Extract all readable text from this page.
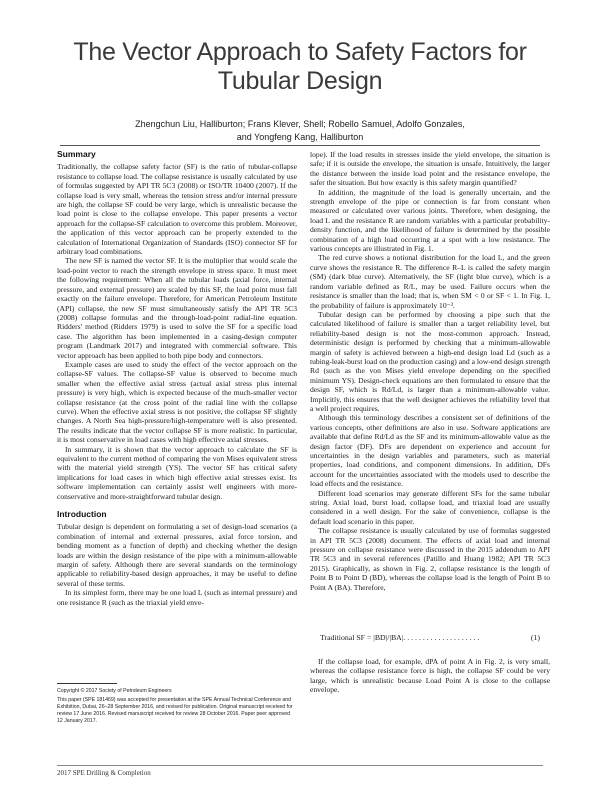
The Vector Approach to Safety Factors for Tubular Design
Zhengchun Liu, Halliburton; Frans Klever, Shell; Robello Samuel, Adolfo Gonzales,
and Yongfeng Kang, Halliburton
Summary

Traditionally, the collapse safety factor (SF) is the ratio of tubular-collapse resistance to collapse load. The collapse resistance is usually calculated by use of formulas suggested by API TR 5C3 (2008) or ISO/TR 10400 (2007). If the collapse load is very small, whereas the tension stress and/or internal pressure are high, the collapse SF could be very large, which is unrealistic because the load point is close to the collapse envelope. This paper presents a vector approach for the collapse-SF calculation to overcome this problem. Moreover, the application of this vector approach can be properly extended to the calculation of International Organization of Standards (ISO) connector SF for arbitrary load combinations.

The new SF is named the vector SF. It is the multiplier that would scale the load-point vector to reach the strength envelope in stress space. It must meet the following requirement: When all the tubular loads (axial force, internal pressure, and external pressure) are scaled by this SF, the load point must fall exactly on the failure envelope. Therefore, for American Petroleum Institute (API) collapse, the new SF must simultaneously satisfy the API TR 5C3 (2008) collapse formulas and the through-load-point radial-line equation. Ridders' method (Ridders 1979) is used to solve the SF for a specific load case. The algorithm has been implemented in a casing-design computer program (Landmark 2017) and integrated with commercial software. This vector approach has been applied to both pipe body and connectors.

Example cases are used to study the effect of the vector approach on the collapse-SF values. The collapse-SF value is observed to become much smaller when the effective axial stress (actual axial stress plus internal pressure) is very high, which is expected because of the much-smaller vector collapse resistance (at the cross point of the radial line with the collapse curve). When the effective axial stress is not positive, the collapse SF slightly changes. A North Sea high-pressure/high-temperature well is also presented. The results indicate that the vector collapse SF is more realistic. In particular, it is most conservative in load cases with high effective axial stresses.

In summary, it is shown that the vector approach to calculate the SF is equivalent to the current method of comparing the von Mises equivalent stress with the material yield strength (YS). The vector SF has critical safety implications for load cases in which high effective axial stresses exist. Its software implementation can certainly assist well engineers with more-conservative and more-straightforward tubular design.

Introduction

Tubular design is dependent on formulating a set of design-load scenarios (a combination of internal and external pressures, axial force torsion, and bending moment as a function of depth) and checking whether the design loads are within the design resistance of the pipe with a minimum-allowable margin of safety. Although there are several standards on the terminology applicable to reliability-based design approaches, it may be useful to define several of these terms.

In its simplest form, there may be one load L (such as internal pressure) and one resistance R (such as the triaxial yield enve-

Copyright © 2017 Society of Petroleum Engineers

This paper (SPE 181469) was accepted for presentation at the SPE Annual Technical Conference and Exhibition, Dubai, 26–28 September 2016, and revised for publication. Original manuscript received for review 17 June 2016. Revised manuscript received for review 28 October 2016. Paper peer approved 12 January 2017.

lope). If the load results in stresses inside the yield envelope, the situation is safe; if it is outside the envelope, the situation is unsafe. Intuitively, the larger the distance between the inside load point and the resistance envelope, the safer the situation. But how exactly is this safety margin quantified?

In addition, the magnitude of the load is generally uncertain, and the strength envelope of the pipe or connection is far from constant when measured or calculated over various joints. Therefore, when designing, the load L and the resistance R are random variables with a particular probability-density function, and the likelihood of failure is determined by the possible combination of a high load occurring at a spot with a low resistance. The various concepts are illustrated in Fig. 1.

The red curve shows a notional distribution for the load L, and the green curve shows the resistance R. The difference R–L is called the safety margin (SM) (dark blue curve). Alternatively, the SF (light blue curve), which is a random variable defined as R/L, may be used. Failure occurs when the resistance is smaller than the load; that is, when SM < 0 or SF < 1. In Fig. 1, the probability of failure is approximately 10⁻³.

Tubular design can be performed by choosing a pipe such that the calculated likelihood of failure is smaller than a target reliability level, but reliability-based design is not the most-common approach. Instead, deterministic design is performed by checking that a minimum-allowable margin of safety is achieved between a high-end design load Ld (such as a tubing-leak-burst load on the production casing) and a low-end design strength Rd (such as the von Mises yield envelope depending on the specified minimum YS). Design-check equations are then formulated to ensure that the design SF, which is Rd/Ld, is larger than a minimum-allowable value. Implicitly, this ensures that the well designer achieves the reliability level that a well project requires.

Although this terminology describes a consistent set of definitions of the various concepts, other definitions are also in use. Software applications are available that define Rd/Ld as the SF and its minimum-allowable value as the design factor (DF). DFs are dependent on experience and account for uncertainties in the design variables and parameters, such as material properties, load conditions, and component dimensions. In addition, DFs account for the uncertainties associated with the models used to describe the load effects and the resistance.

Different load scenarios may generate different SFs for the same tubular string. Axial load, burst load, collapse load, and triaxial load are usually considered in a well design. For the sake of convenience, collapse is the default load scenario in this paper.

The collapse resistance is usually calculated by use of formulas suggested in API TR 5C3 (2008) document. The effects of axial load and internal pressure on collapse resistance were discussed in the 2015 addendum to API TR 5C3 and in several references (Patillo and Huang 1982; API TR 5C3 2015). Graphically, as shown in Fig. 2, collapse resistance is the length of Point B to Point D (BD), whereas the collapse load is the length of Point B to Point A (BA). Therefore,

Traditional SF = |BD|/|BA|. . . . . . . . . . . . . . . . . . . .	(1)

If the collapse load, for example, dPA of point A in Fig. 2, is very small, whereas the collapse resistance force is high, the collapse SF could be very large, which is unrealistic because Load Point A is close to the collapse envelope.

2017 SPE Drilling & Completion
